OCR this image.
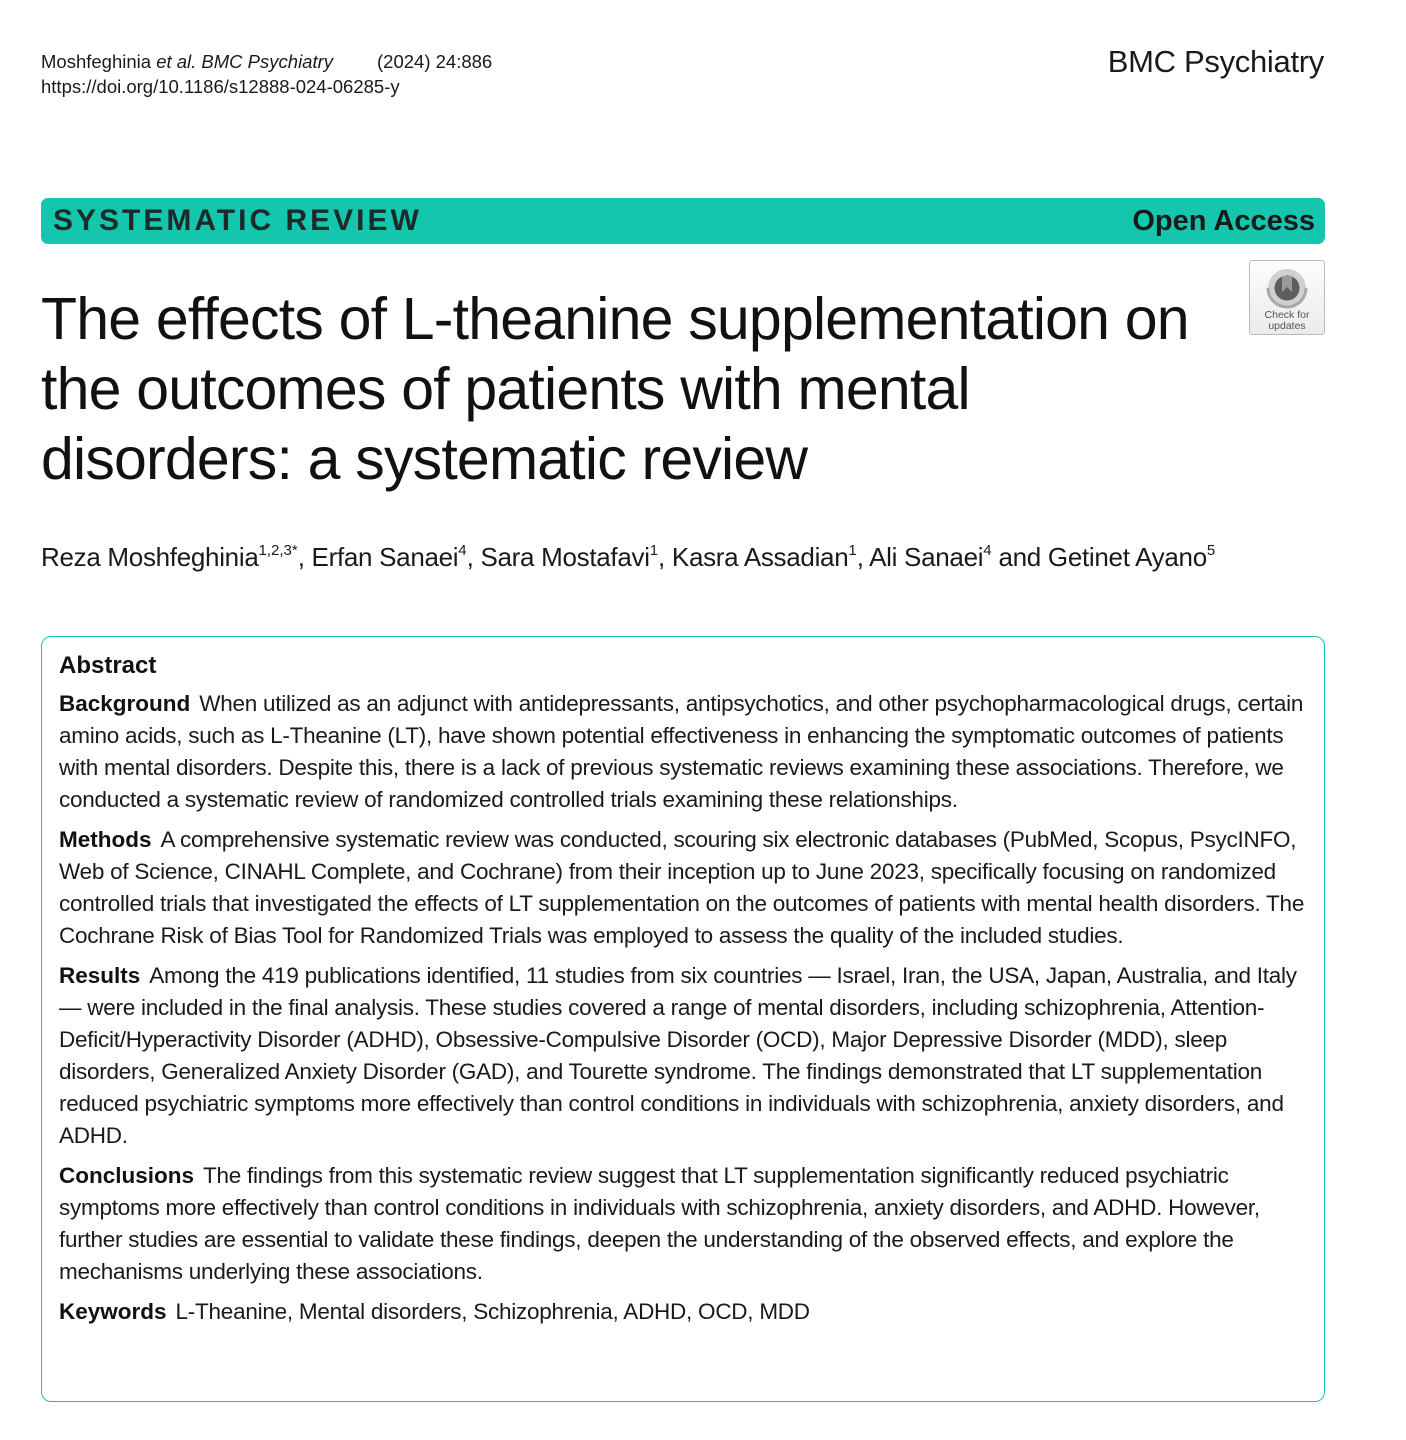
Moshfeghinia et al. BMC Psychiatry (2024) 24:886
https://doi.org/10.1186/s12888-024-06285-y
BMC Psychiatry
SYSTEMATIC REVIEW	Open Access
Check for
updates
The effects of L-theanine supplementation on the outcomes of patients with mental disorders: a systematic review
Reza Moshfeghinia$^{1,2,3*}$, Erfan Sanaei$^4$, Sara Mostafavi$^1$, Kasra Assadian$^1$, Ali Sanaei$^4$ and Getinet Ayano$^5$
Abstract

Background When utilized as an adjunct with antidepressants, antipsychotics, and other psychopharmacological drugs, certain amino acids, such as L-Theanine (LT), have shown potential effectiveness in enhancing the symptomatic outcomes of patients with mental disorders. Despite this, there is a lack of previous systematic reviews examining these associations. Therefore, we conducted a systematic review of randomized controlled trials examining these relationships.

Methods A comprehensive systematic review was conducted, scouring six electronic databases (PubMed, Scopus, PsycINFO, Web of Science, CINAHL Complete, and Cochrane) from their inception up to June 2023, specifically focusing on randomized controlled trials that investigated the effects of LT supplementation on the outcomes of patients with mental health disorders. The Cochrane Risk of Bias Tool for Randomized Trials was employed to assess the quality of the included studies.

Results Among the 419 publications identified, 11 studies from six countries — Israel, Iran, the USA, Japan, Australia, and Italy — were included in the final analysis. These studies covered a range of mental disorders, including schizophrenia, Attention-Deficit/Hyperactivity Disorder (ADHD), Obsessive-Compulsive Disorder (OCD), Major Depressive Disorder (MDD), sleep disorders, Generalized Anxiety Disorder (GAD), and Tourette syndrome. The findings demonstrated that LT supplementation reduced psychiatric symptoms more effectively than control conditions in individuals with schizophrenia, anxiety disorders, and ADHD.

Conclusions The findings from this systematic review suggest that LT supplementation significantly reduced psychiatric symptoms more effectively than control conditions in individuals with schizophrenia, anxiety disorders, and ADHD. However, further studies are essential to validate these findings, deepen the understanding of the observed effects, and explore the mechanisms underlying these associations.

Keywords L-Theanine, Mental disorders, Schizophrenia, ADHD, OCD, MDD
